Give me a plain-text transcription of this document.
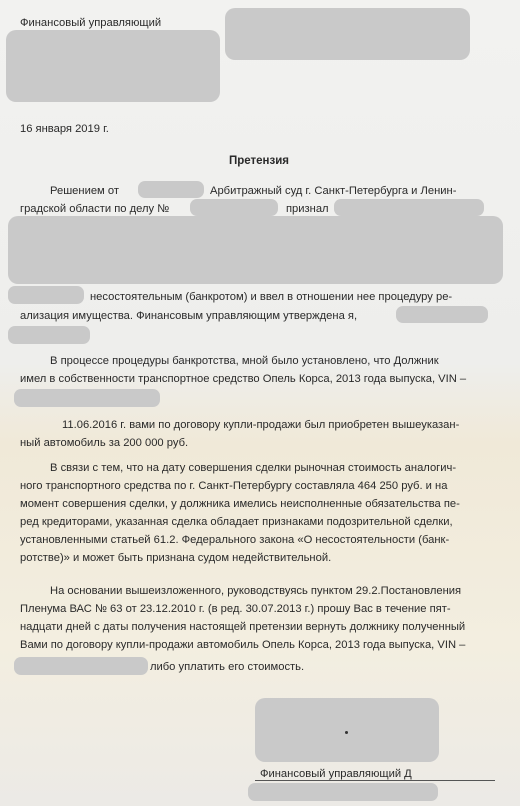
Финансовый управляющий
16 января 2019 г.
Претензия
Решением от	Арбитражный суд г. Санкт-Петербурга и Ленин-
градской области по делу №	признал
несостоятельным (банкротом) и ввел в отношении нее процедуру ре-
ализация имущества. Финансовым управляющим утверждена я,
В процессе процедуры банкротства, мной было установлено, что Должник
имел в собственности транспортное средство Опель Корса, 2013 года выпуска, VIN –
11.06.2016 г. вами по договору купли-продажи был приобретен вышеуказан-
ный автомобиль за 200 000 руб.
В связи с тем, что на дату совершения сделки рыночная стоимость аналогич-
ного транспортного средства по г. Санкт-Петербургу составляла 464 250 руб. и на
момент совершения сделки, у должника имелись неисполненные обязательства пе-
ред кредиторами, указанная сделка обладает признаками подозрительной сделки,
установленными статьей 61.2. Федерального закона «О несостоятельности (банк-
ротстве)» и может быть признана судом недействительной.
На основании вышеизложенного, руководствуясь пунктом 29.2.Постановления
Пленума ВАС № 63 от 23.12.2010 г. (в ред. 30.07.2013 г.) прошу Вас в течение пят-
надцати дней с даты получения настоящей претензии вернуть должнику полученный
Вами по договору купли-продажи автомобиль Опель Корса, 2013 года выпуска, VIN –
либо уплатить его стоимость.
Финансовый управляющий Д
